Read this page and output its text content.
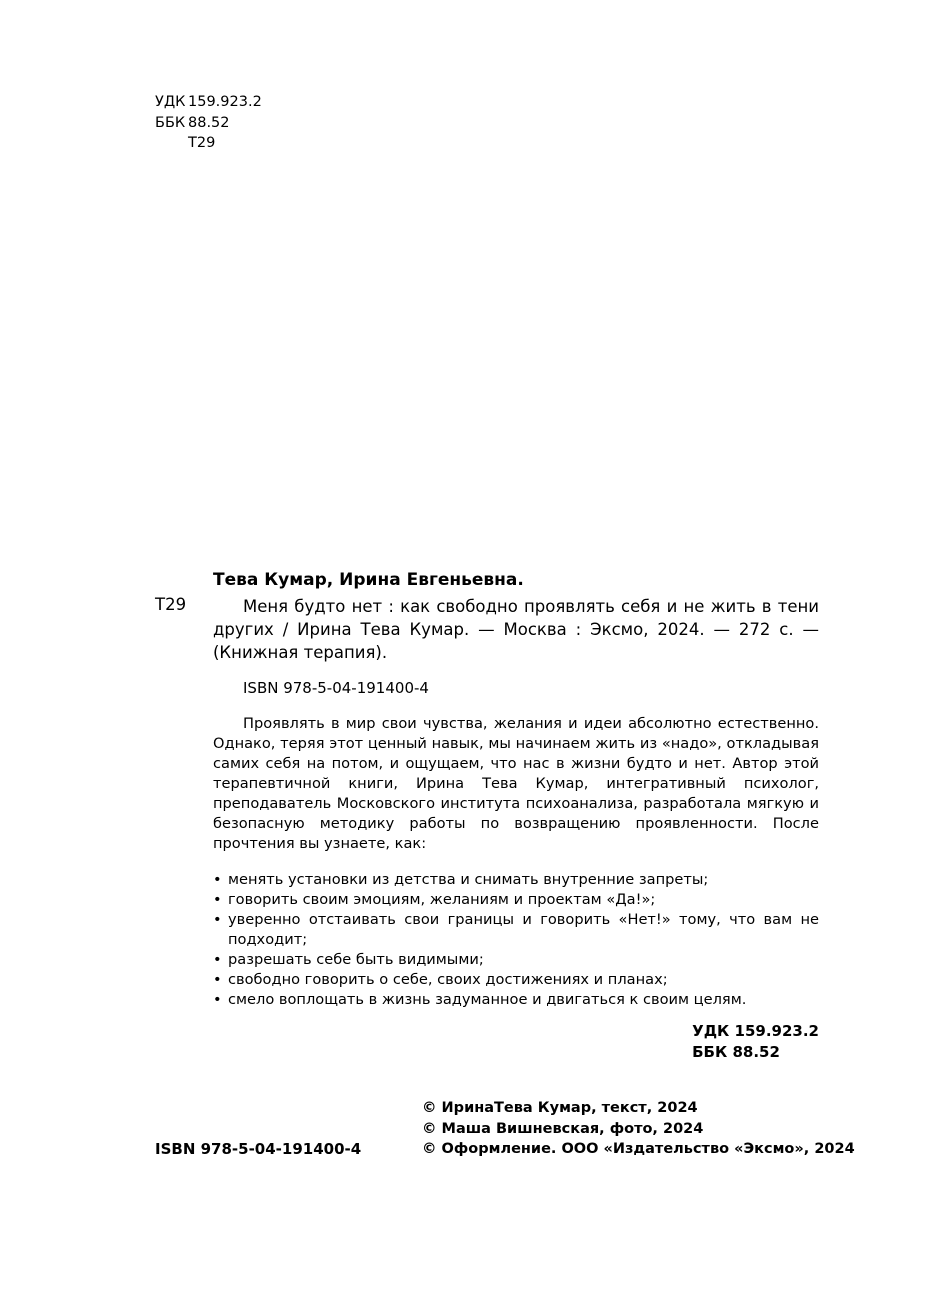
УДК 159.923.2
ББК 88.52
Т29
Т29

Тева Кумар, Ирина Евгеньевна.

Меня будто нет : как свободно проявлять себя и не жить в тени других / Ирина Тева Кумар. — Москва : Эксмо, 2024. — 272 с. — (Книжная терапия).

ISBN 978-5-04-191400-4

Проявлять в мир свои чувства, желания и идеи абсолютно естественно. Однако, теряя этот ценный навык, мы начинаем жить из «надо», откладывая самих себя на потом, и ощущаем, что нас в жизни будто и нет. Автор этой терапевтичной книги, Ирина Тева Кумар, интегративный психолог, преподаватель Московского института психоанализа, разработала мягкую и безопасную методику работы по возвращению проявленности. После прочтения вы узнаете, как:

• менять установки из детства и снимать внутренние запреты;
• говорить своим эмоциям, желаниям и проектам «Да!»;
• уверенно отстаивать свои границы и говорить «Нет!» тому, что вам не подходит;
• разрешать себе быть видимыми;
• свободно говорить о себе, своих достижениях и планах;
• смело воплощать в жизнь задуманное и двигаться к своим целям.
УДК 159.923.2
ББК 88.52
© ИринаТева Кумар, текст, 2024
© Маша Вишневская, фото, 2024
© Оформление. ООО «Издательство «Эксмо», 2024
ISBN 978-5-04-191400-4
